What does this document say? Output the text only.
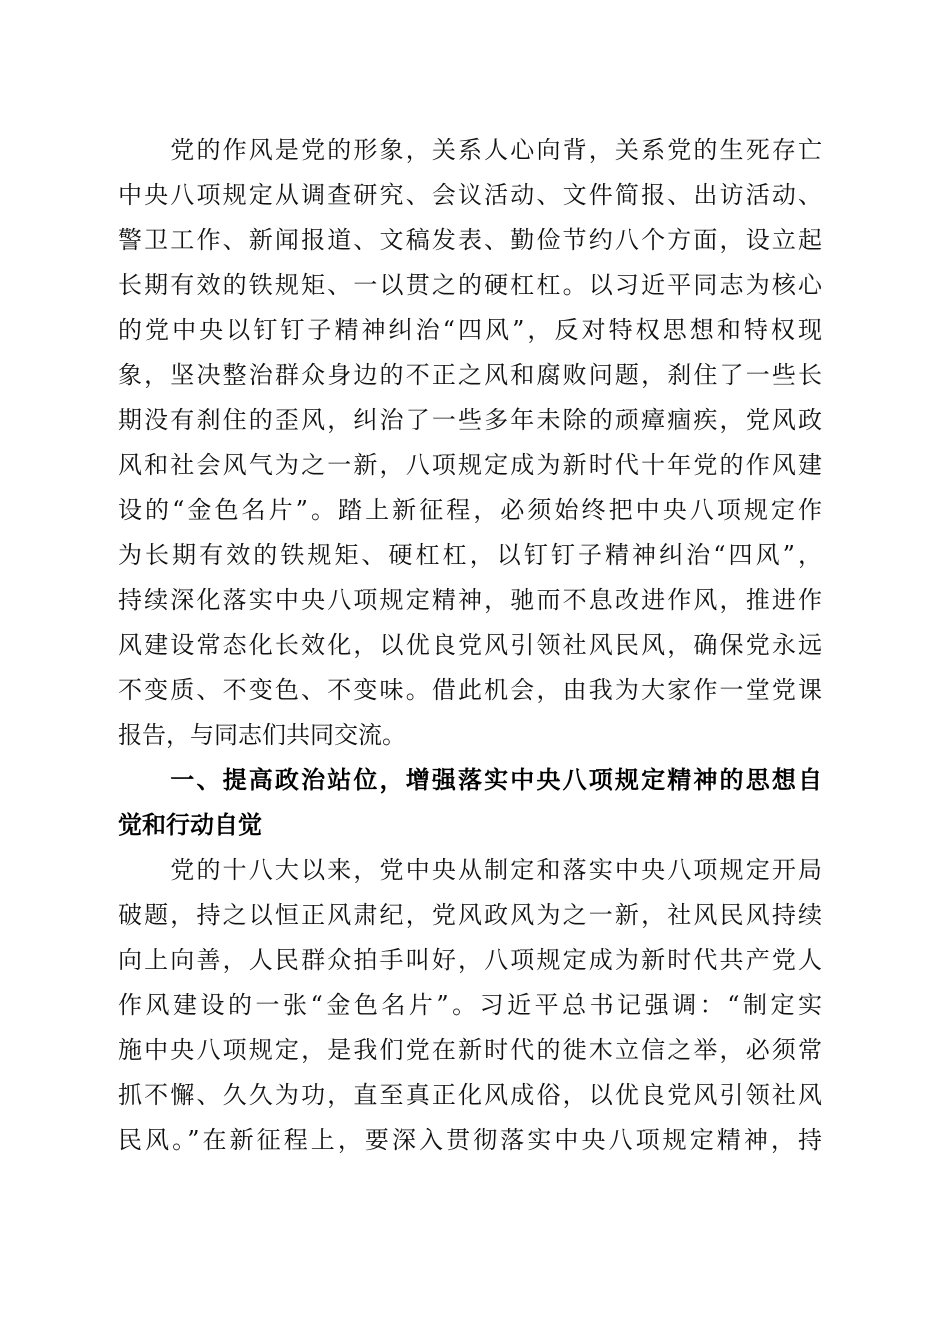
　　党的作风是党的形象，关系人心向背，关系党的生死存亡
中央八项规定从调查研究、会议活动、文件简报、出访活动、
警卫工作、新闻报道、文稿发表、勤俭节约八个方面，设立起
长期有效的铁规矩、一以贯之的硬杠杠。以习近平同志为核心
的党中央以钉钉子精神纠治“四风”，反对特权思想和特权现
象，坚决整治群众身边的不正之风和腐败问题，刹住了一些长
期没有刹住的歪风，纠治了一些多年未除的顽瘴痼疾，党风政
风和社会风气为之一新，八项规定成为新时代十年党的作风建
设的“金色名片”。踏上新征程，必须始终把中央八项规定作
为长期有效的铁规矩、硬杠杠，以钉钉子精神纠治“四风”，
持续深化落实中央八项规定精神，驰而不息改进作风，推进作
风建设常态化长效化，以优良党风引领社风民风，确保党永远
不变质、不变色、不变味。借此机会，由我为大家作一堂党课
报告，与同志们共同交流。
　　一、提高政治站位，增强落实中央八项规定精神的思想自
觉和行动自觉
　　党的十八大以来，党中央从制定和落实中央八项规定开局
破题，持之以恒正风肃纪，党风政风为之一新，社风民风持续
向上向善，人民群众拍手叫好，八项规定成为新时代共产党人
作风建设的一张“金色名片”。习近平总书记强调：“制定实
施中央八项规定，是我们党在新时代的徙木立信之举，必须常
抓不懈、久久为功，直至真正化风成俗，以优良党风引领社风
民风。”在新征程上，要深入贯彻落实中央八项规定精神，持
